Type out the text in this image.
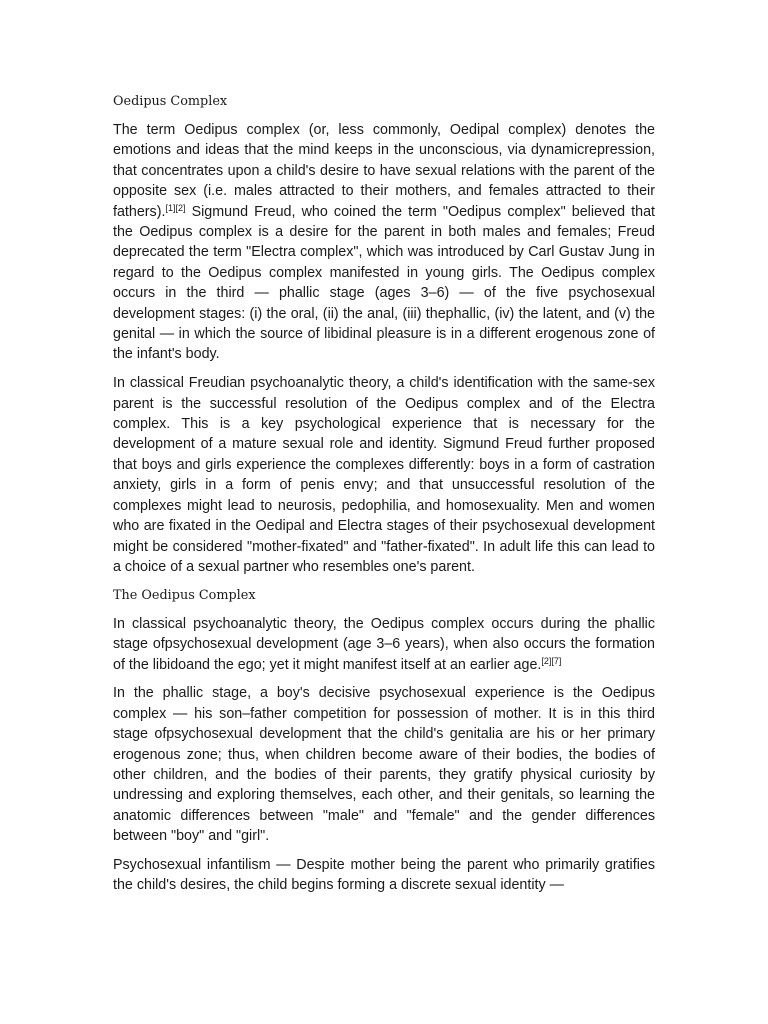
Oedipus Complex

The term Oedipus complex (or, less commonly, Oedipal complex) denotes the emotions and ideas that the mind keeps in the unconscious, via dynamicrepression, that concentrates upon a child's desire to have sexual relations with the parent of the opposite sex (i.e. males attracted to their mothers, and females attracted to their fathers).[1][2] Sigmund Freud, who coined the term "Oedipus complex" believed that the Oedipus complex is a desire for the parent in both males and females; Freud deprecated the term "Electra complex", which was introduced by Carl Gustav Jung in regard to the Oedipus complex manifested in young girls. The Oedipus complex occurs in the third — phallic stage (ages 3–6) — of the five psychosexual development stages: (i) the oral, (ii) the anal, (iii) thephallic, (iv) the latent, and (v) the genital — in which the source of libidinal pleasure is in a different erogenous zone of the infant's body.

In classical Freudian psychoanalytic theory, a child's identification with the same-sex parent is the successful resolution of the Oedipus complex and of the Electra complex. This is a key psychological experience that is necessary for the development of a mature sexual role and identity. Sigmund Freud further proposed that boys and girls experience the complexes differently: boys in a form of castration anxiety, girls in a form of penis envy; and that unsuccessful resolution of the complexes might lead to neurosis, pedophilia, and homosexuality. Men and women who are fixated in the Oedipal and Electra stages of their psychosexual development might be considered "mother-fixated" and "father-fixated". In adult life this can lead to a choice of a sexual partner who resembles one's parent.

The Oedipus Complex

In classical psychoanalytic theory, the Oedipus complex occurs during the phallic stage ofpsychosexual development (age 3–6 years), when also occurs the formation of the libidoand the ego; yet it might manifest itself at an earlier age.[2][7]

In the phallic stage, a boy's decisive psychosexual experience is the Oedipus complex — his son–father competition for possession of mother. It is in this third stage ofpsychosexual development that the child's genitalia are his or her primary erogenous zone; thus, when children become aware of their bodies, the bodies of other children, and the bodies of their parents, they gratify physical curiosity by undressing and exploring themselves, each other, and their genitals, so learning the anatomic differences between "male" and "female" and the gender differences between "boy" and "girl".

Psychosexual infantilism — Despite mother being the parent who primarily gratifies the child's desires, the child begins forming a discrete sexual identity —
